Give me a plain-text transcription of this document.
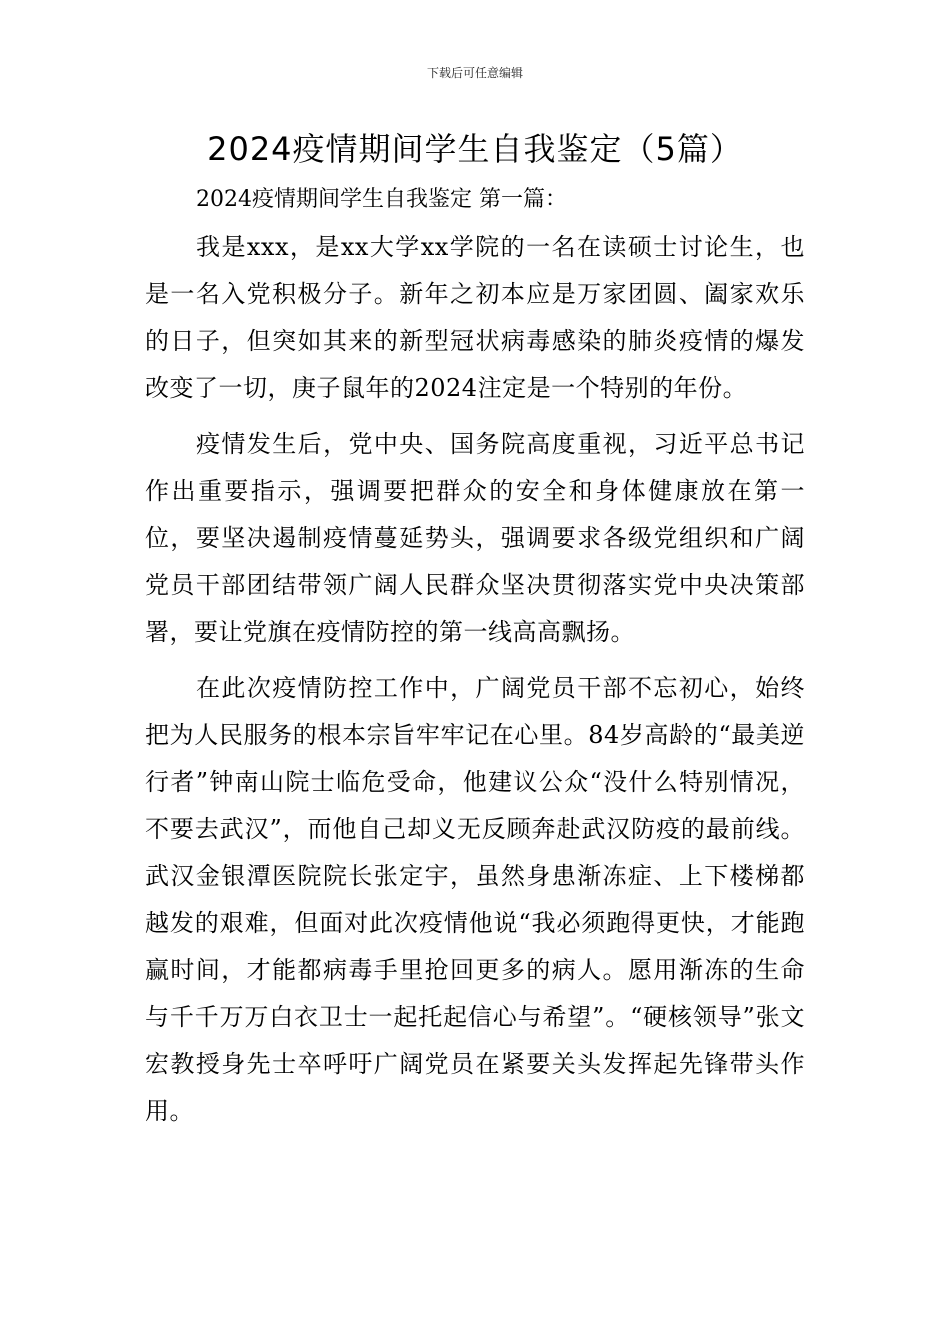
下载后可任意编辑
2024疫情期间学生自我鉴定（5篇）

2024疫情期间学生自我鉴定 第一篇：

我是xxx，是xx大学xx学院的一名在读硕士讨论生，也是一名入党积极分子。新年之初本应是万家团圆、阖家欢乐的日子，但突如其来的新型冠状病毒感染的肺炎疫情的爆发改变了一切，庚子鼠年的2024注定是一个特别的年份。

疫情发生后，党中央、国务院高度重视，习近平总书记作出重要指示，强调要把群众的安全和身体健康放在第一位，要坚决遏制疫情蔓延势头，强调要求各级党组织和广阔党员干部团结带领广阔人民群众坚决贯彻落实党中央决策部署，要让党旗在疫情防控的第一线高高飘扬。

在此次疫情防控工作中，广阔党员干部不忘初心，始终把为人民服务的根本宗旨牢牢记在心里。84岁高龄的“最美逆行者”钟南山院士临危受命，他建议公众“没什么特别情况，不要去武汉”，而他自己却义无反顾奔赴武汉防疫的最前线。武汉金银潭医院院长张定宇，虽然身患渐冻症、上下楼梯都越发的艰难，但面对此次疫情他说“我必须跑得更快，才能跑赢时间，才能都病毒手里抢回更多的病人。愿用渐冻的生命与千千万万白衣卫士一起托起信心与希望”。“硬核领导”张文宏教授身先士卒呼吁广阔党员在紧要关头发挥起先锋带头作用。
